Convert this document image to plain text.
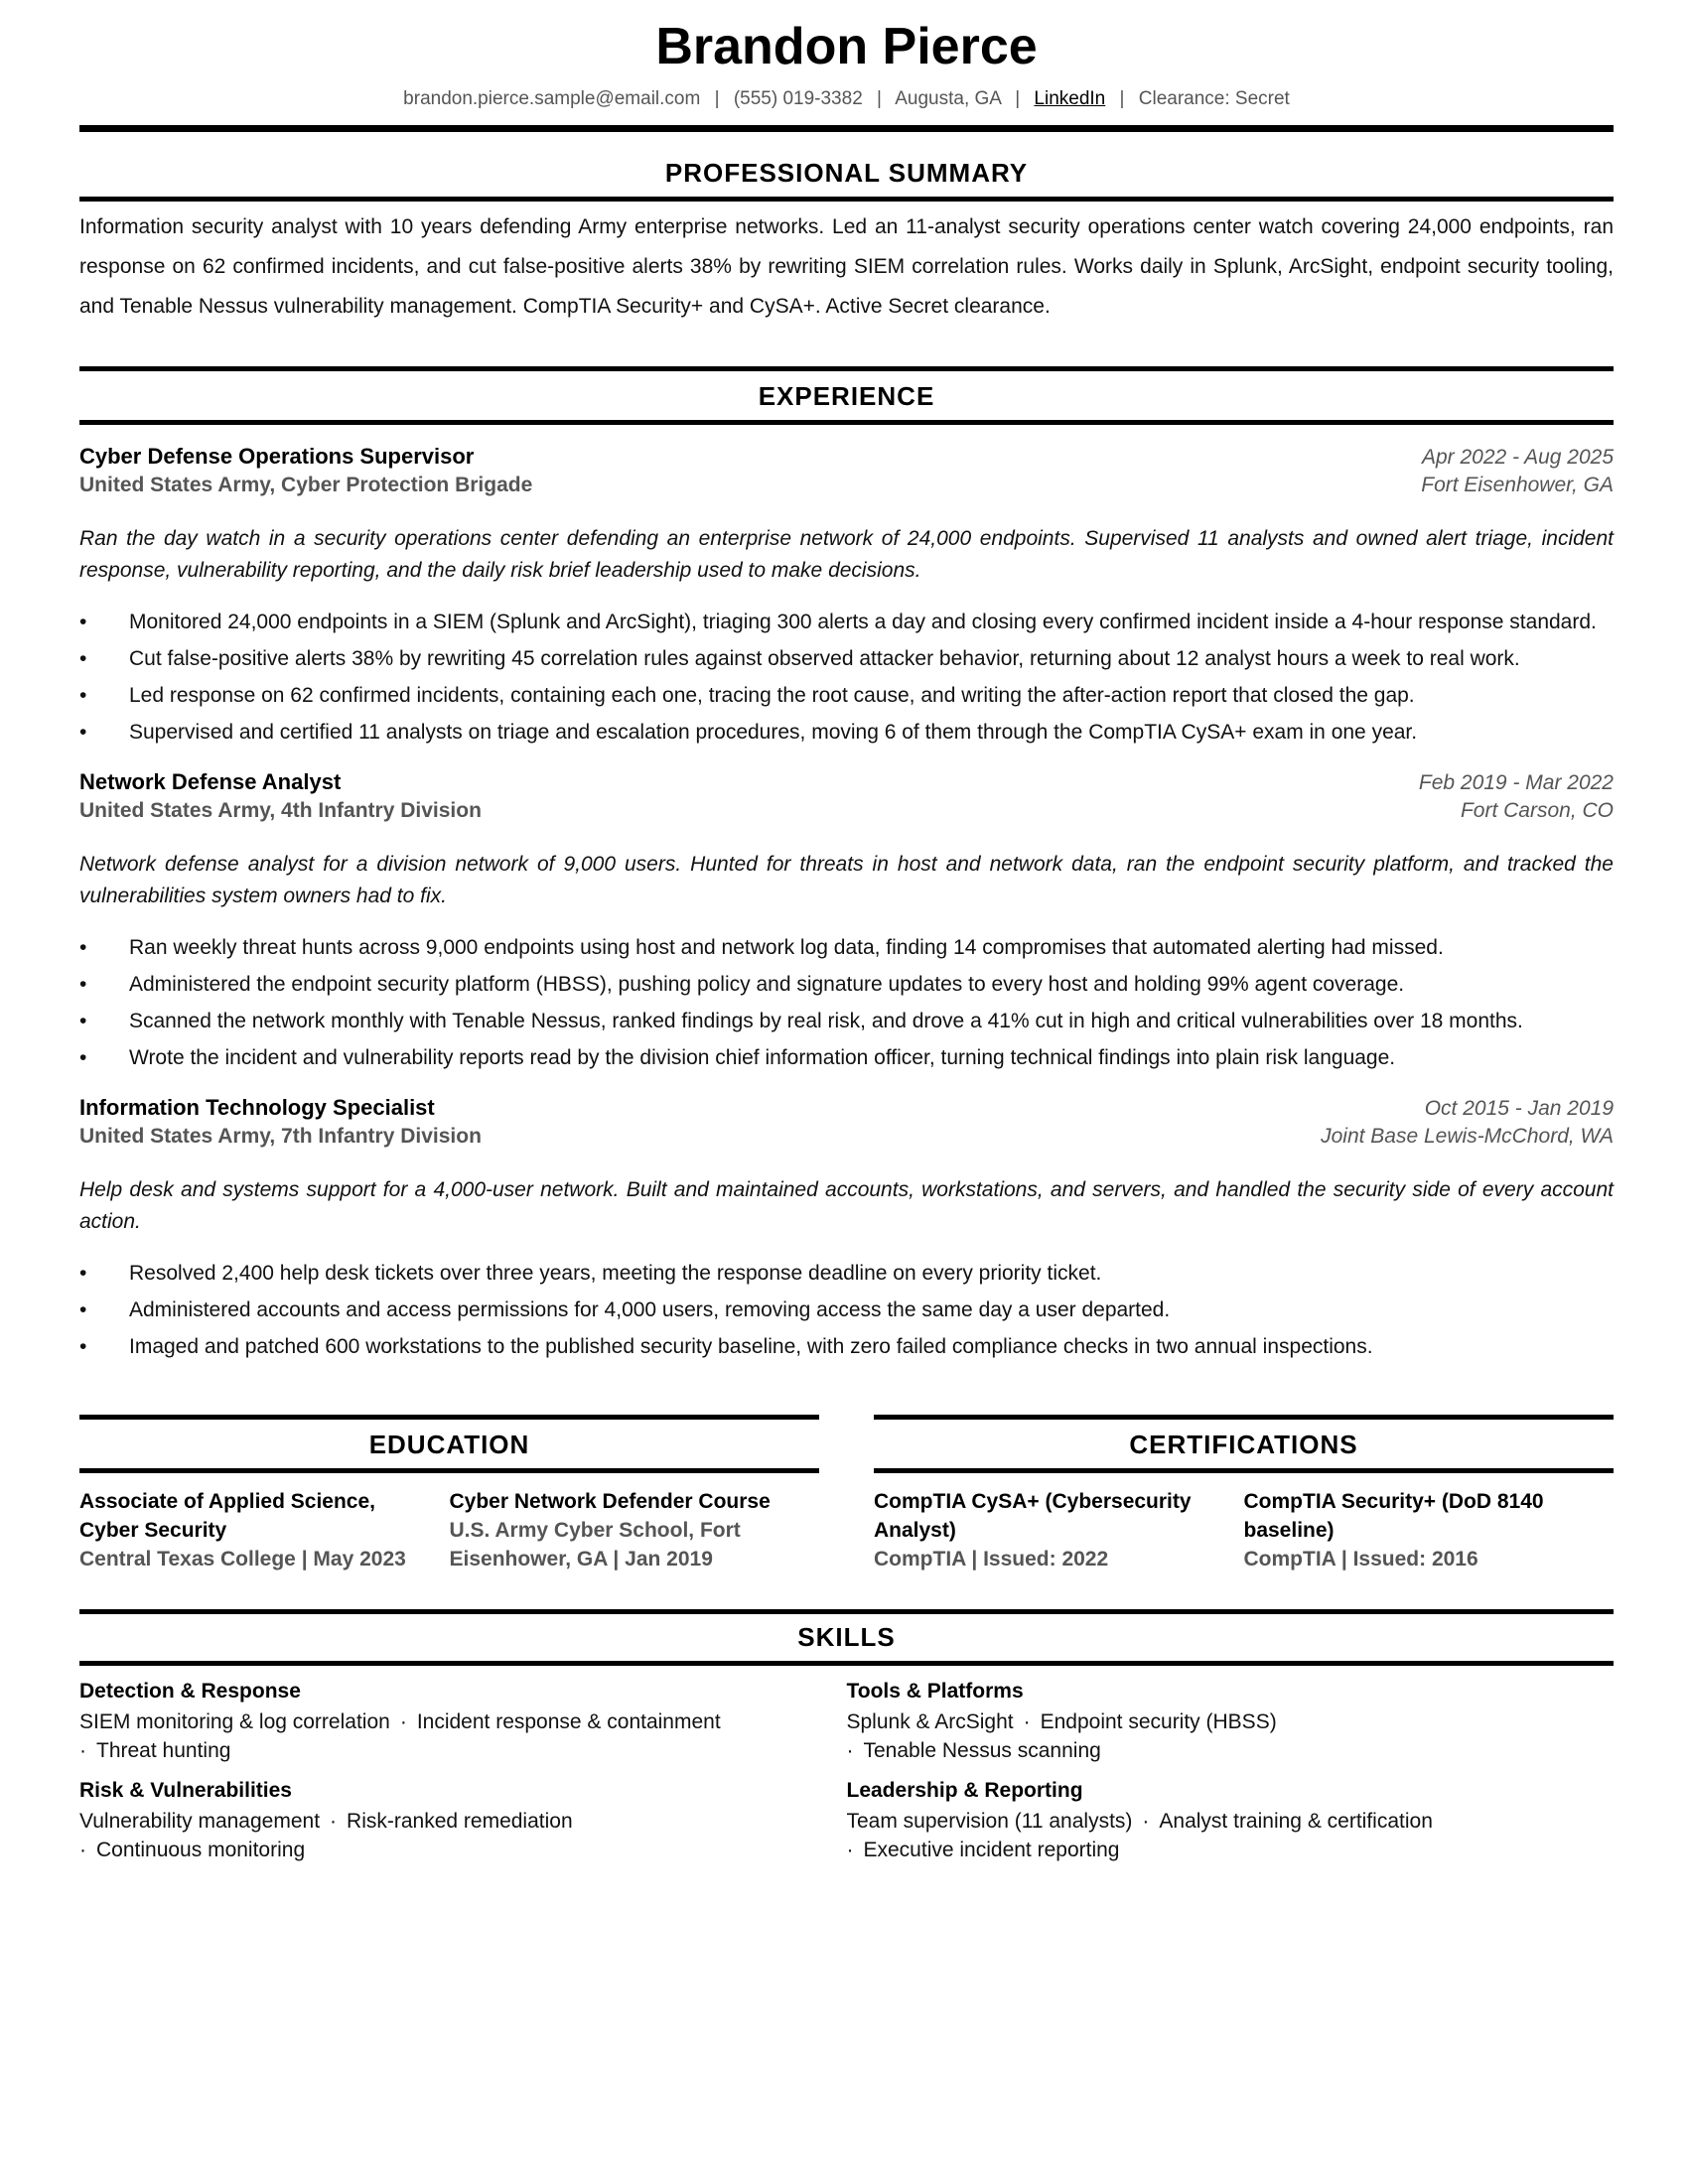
Brandon Pierce
brandon.pierce.sample@email.com | (555) 019-3382 | Augusta, GA | LinkedIn | Clearance: Secret
PROFESSIONAL SUMMARY
Information security analyst with 10 years defending Army enterprise networks. Led an 11-analyst security operations center watch covering 24,000 endpoints, ran response on 62 confirmed incidents, and cut false-positive alerts 38% by rewriting SIEM correlation rules. Works daily in Splunk, ArcSight, endpoint security tooling, and Tenable Nessus vulnerability management. CompTIA Security+ and CySA+. Active Secret clearance.
EXPERIENCE
Cyber Defense Operations Supervisor	Apr 2022 - Aug 2025
United States Army, Cyber Protection Brigade	Fort Eisenhower, GA
Ran the day watch in a security operations center defending an enterprise network of 24,000 endpoints. Supervised 11 analysts and owned alert triage, incident response, vulnerability reporting, and the daily risk brief leadership used to make decisions.
• Monitored 24,000 endpoints in a SIEM (Splunk and ArcSight), triaging 300 alerts a day and closing every confirmed incident inside a 4-hour response standard.
• Cut false-positive alerts 38% by rewriting 45 correlation rules against observed attacker behavior, returning about 12 analyst hours a week to real work.
• Led response on 62 confirmed incidents, containing each one, tracing the root cause, and writing the after-action report that closed the gap.
• Supervised and certified 11 analysts on triage and escalation procedures, moving 6 of them through the CompTIA CySA+ exam in one year.
Network Defense Analyst	Feb 2019 - Mar 2022
United States Army, 4th Infantry Division	Fort Carson, CO
Network defense analyst for a division network of 9,000 users. Hunted for threats in host and network data, ran the endpoint security platform, and tracked the vulnerabilities system owners had to fix.
• Ran weekly threat hunts across 9,000 endpoints using host and network log data, finding 14 compromises that automated alerting had missed.
• Administered the endpoint security platform (HBSS), pushing policy and signature updates to every host and holding 99% agent coverage.
• Scanned the network monthly with Tenable Nessus, ranked findings by real risk, and drove a 41% cut in high and critical vulnerabilities over 18 months.
• Wrote the incident and vulnerability reports read by the division chief information officer, turning technical findings into plain risk language.
Information Technology Specialist	Oct 2015 - Jan 2019
United States Army, 7th Infantry Division	Joint Base Lewis-McChord, WA
Help desk and systems support for a 4,000-user network. Built and maintained accounts, workstations, and servers, and handled the security side of every account action.
• Resolved 2,400 help desk tickets over three years, meeting the response deadline on every priority ticket.
• Administered accounts and access permissions for 4,000 users, removing access the same day a user departed.
• Imaged and patched 600 workstations to the published security baseline, with zero failed compliance checks in two annual inspections.
EDUCATION
Associate of Applied Science, Cyber Security
Central Texas College | May 2023
Cyber Network Defender Course
U.S. Army Cyber School, Fort Eisenhower, GA | Jan 2019
CERTIFICATIONS
CompTIA CySA+ (Cybersecurity Analyst)
CompTIA | Issued: 2022
CompTIA Security+ (DoD 8140 baseline)
CompTIA | Issued: 2016
SKILLS
Detection & Response
SIEM monitoring & log correlation · Incident response & containment
· Threat hunting
Risk & Vulnerabilities
Vulnerability management · Risk-ranked remediation
· Continuous monitoring
Tools & Platforms
Splunk & ArcSight · Endpoint security (HBSS)
· Tenable Nessus scanning
Leadership & Reporting
Team supervision (11 analysts) · Analyst training & certification
· Executive incident reporting
